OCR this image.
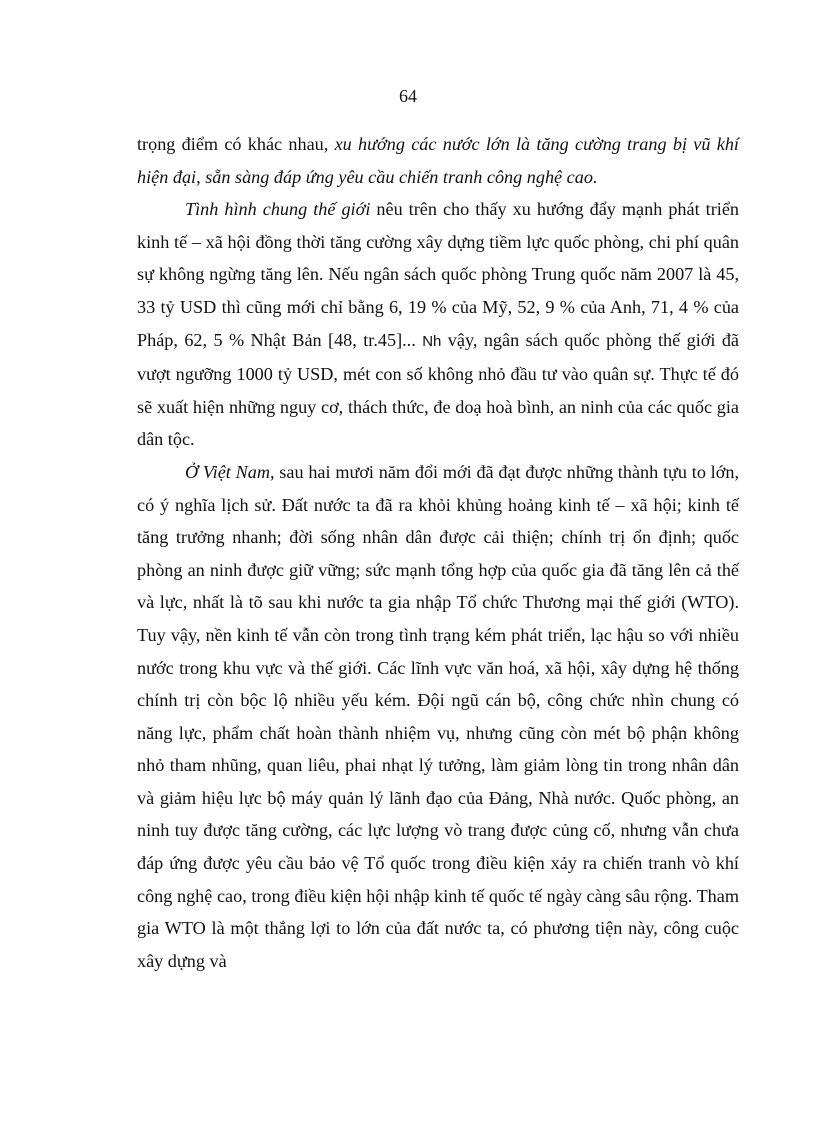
64

trọng điểm có khác nhau, xu hướng các nước lớn là tăng cường trang bị vũ khí hiện đại, sẵn sàng đáp ứng yêu cầu chiến tranh công nghệ cao.

Tình hình chung thế giới nêu trên cho thấy xu hướng đẩy mạnh phát triển kinh tế – xã hội đồng thời tăng cường xây dựng tiềm lực quốc phòng, chi phí quân sự không ngừng tăng lên. Nếu ngân sách quốc phòng Trung quốc năm 2007 là 45, 33 tỷ USD thì cũng mới chỉ bằng 6, 19 % của Mỹ, 52, 9 % của Anh, 71, 4 % của Pháp, 62, 5 % Nhật Bản [48, tr.45]... Nh vậy, ngân sách quốc phòng thế giới đã vượt ngưỡng 1000 tỷ USD, mét con số không nhỏ đầu tư vào quân sự. Thực tế đó sẽ xuất hiện những nguy cơ, thách thức, đe doạ hoà bình, an ninh của các quốc gia dân tộc.

Ở Việt Nam, sau hai mươi năm đổi mới đã đạt được những thành tựu to lớn, có ý nghĩa lịch sử. Đất nước ta đã ra khỏi khủng hoảng kinh tế – xã hội; kinh tế tăng trưởng nhanh; đời sống nhân dân được cải thiện; chính trị ổn định; quốc phòng an ninh được giữ vững; sức mạnh tổng hợp của quốc gia đã tăng lên cả thế và lực, nhất là tõ sau khi nước ta gia nhập Tổ chức Thương mại thế giới (WTO). Tuy vậy, nền kinh tế vẫn còn trong tình trạng kém phát triển, lạc hậu so với nhiều nước trong khu vực và thế giới. Các lĩnh vực văn hoá, xã hội, xây dựng hệ thống chính trị còn bộc lộ nhiều yếu kém. Đội ngũ cán bộ, công chức nhìn chung có năng lực, phẩm chất hoàn thành nhiệm vụ, nhưng cũng còn mét bộ phận không nhỏ tham nhũng, quan liêu, phai nhạt lý tưởng, làm giảm lòng tin trong nhân dân và giảm hiệu lực bộ máy quản lý lãnh đạo của Đảng, Nhà nước. Quốc phòng, an ninh tuy được tăng cường, các lực lượng vò trang được củng cố, nhưng vẫn chưa đáp ứng được yêu cầu bảo vệ Tổ quốc trong điều kiện xảy ra chiến tranh vò khí công nghệ cao, trong điều kiện hội nhập kinh tế quốc tế ngày càng sâu rộng. Tham gia WTO là một thắng lợi to lớn của đất nước ta, có phương tiện này, công cuộc xây dựng và
